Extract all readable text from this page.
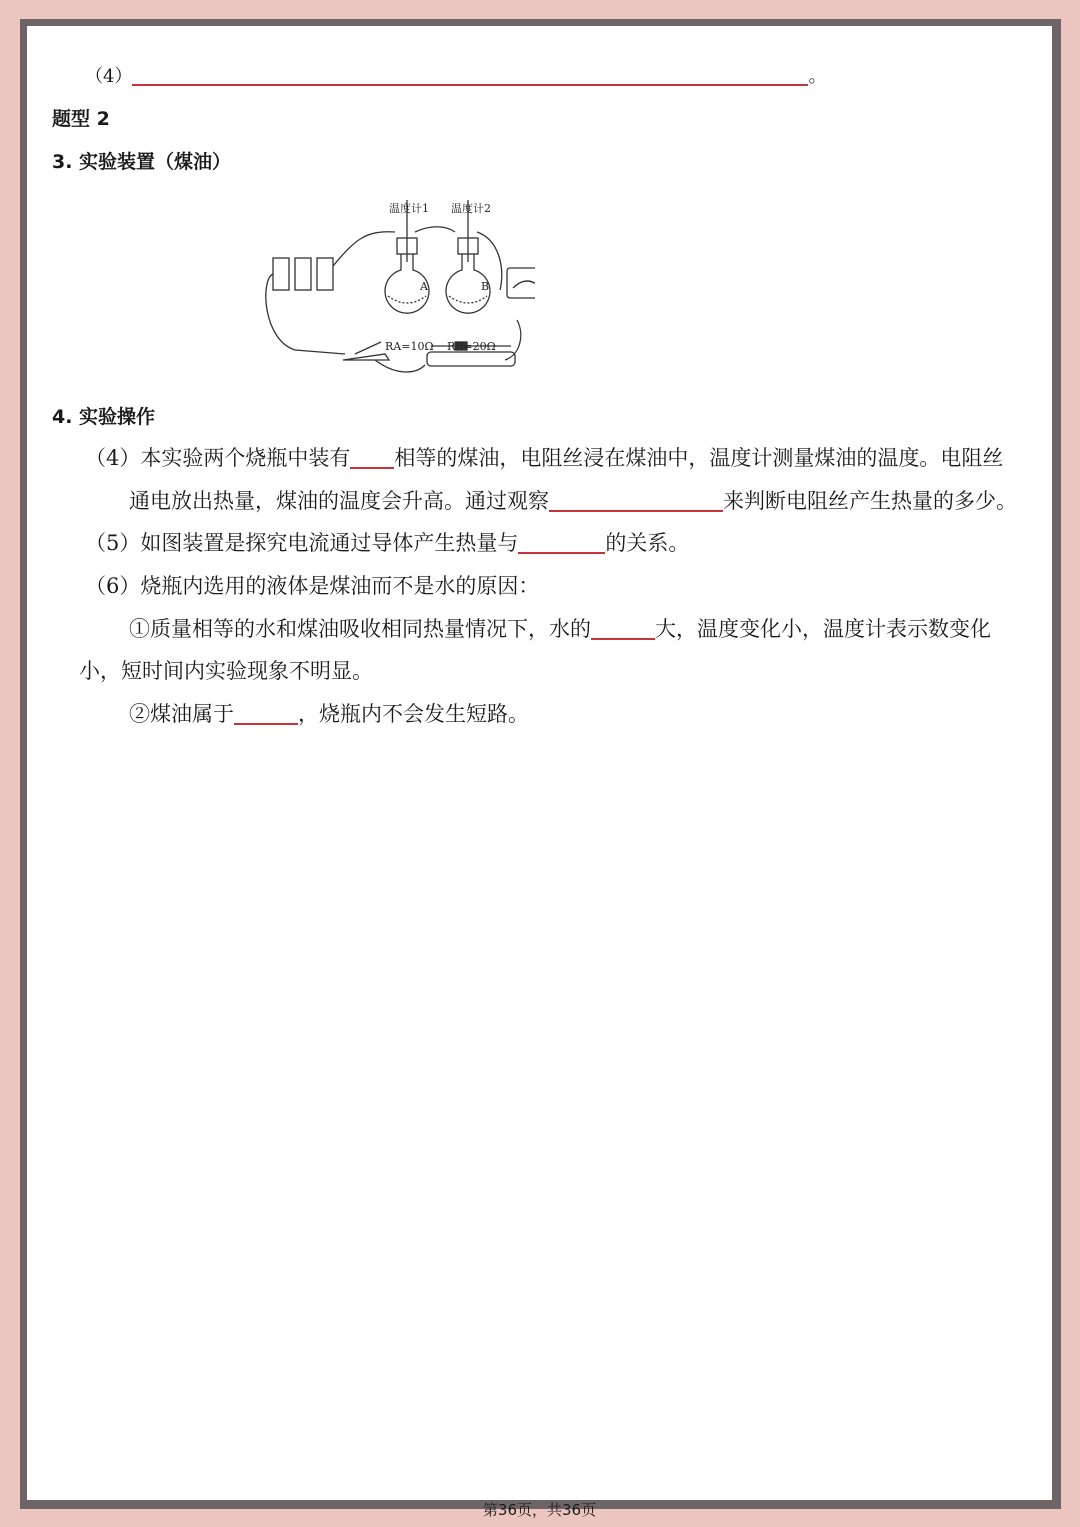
（4）	。
题型 2
3. 实验装置（煤油）
温度计1 温度计2
A	B
RA=10Ω RB=20Ω
4. 实验操作
（4）本实验两个烧瓶中装有 相等的煤油，电阻丝浸在煤油中，温度计测量煤油的温度。电阻丝
通电放出热量，煤油的温度会升高。通过观察	来判断电阻丝产生热量的多少。
（5）如图装置是探究电流通过导体产生热量与	的关系。
（6）烧瓶内选用的液体是煤油而不是水的原因：
①质量相等的水和煤油吸收相同热量情况下，水的	大，温度变化小，温度计表示数变化
小，短时间内实验现象不明显。
②煤油属于	，烧瓶内不会发生短路。
第36页，共36页
